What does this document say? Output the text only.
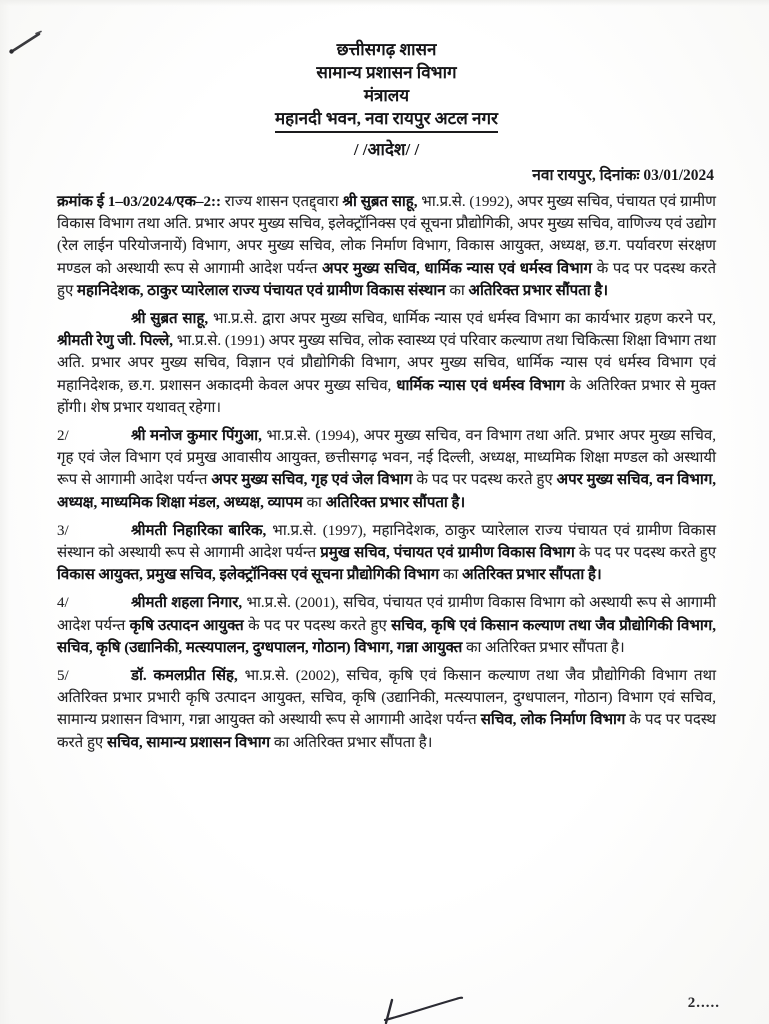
छत्तीसगढ़ शासन
सामान्य प्रशासन विभाग
मंत्रालय
महानदी भवन, नवा रायपुर अटल नगर
/ /आदेश/ /
नवा रायपुर, दिनांकः 03/01/2024

क्रमांक ई 1–03/2024/एक–2:: राज्य शासन एतद्द्वारा श्री सुब्रत साहू, भा.प्र.से. (1992), अपर मुख्य सचिव, पंचायत एवं ग्रामीण विकास विभाग तथा अति. प्रभार अपर मुख्य सचिव, इलेक्ट्रॉनिक्स एवं सूचना प्रौद्योगिकी, अपर मुख्य सचिव, वाणिज्य एवं उद्योग (रेल लाईन परियोजनायें) विभाग, अपर मुख्य सचिव, लोक निर्माण विभाग, विकास आयुक्त, अध्यक्ष, छ.ग. पर्यावरण संरक्षण मण्डल को अस्थायी रूप से आगामी आदेश पर्यन्त अपर मुख्य सचिव, धार्मिक न्यास एवं धर्मस्व विभाग के पद पर पदस्थ करते हुए महानिदेशक, ठाकुर प्यारेलाल राज्य पंचायत एवं ग्रामीण विकास संस्थान का अतिरिक्त प्रभार सौंपता है।

श्री सुब्रत साहू, भा.प्र.से. द्वारा अपर मुख्य सचिव, धार्मिक न्यास एवं धर्मस्व विभाग का कार्यभार ग्रहण करने पर, श्रीमती रेणु जी. पिल्ले, भा.प्र.से. (1991) अपर मुख्य सचिव, लोक स्वास्थ्य एवं परिवार कल्याण तथा चिकित्सा शिक्षा विभाग तथा अति. प्रभार अपर मुख्य सचिव, विज्ञान एवं प्रौद्योगिकी विभाग, अपर मुख्य सचिव, धार्मिक न्यास एवं धर्मस्व विभाग एवं महानिदेशक, छ.ग. प्रशासन अकादमी केवल अपर मुख्य सचिव, धार्मिक न्यास एवं धर्मस्व विभाग के अतिरिक्त प्रभार से मुक्त होंगी। शेष प्रभार यथावत् रहेगा।

2/	श्री मनोज कुमार पिंगुआ, भा.प्र.से. (1994), अपर मुख्य सचिव, वन विभाग तथा अति. प्रभार अपर मुख्य सचिव, गृह एवं जेल विभाग एवं प्रमुख आवासीय आयुक्त, छत्तीसगढ़ भवन, नई दिल्ली, अध्यक्ष, माध्यमिक शिक्षा मण्डल को अस्थायी रूप से आगामी आदेश पर्यन्त अपर मुख्य सचिव, गृह एवं जेल विभाग के पद पर पदस्थ करते हुए अपर मुख्य सचिव, वन विभाग, अध्यक्ष, माध्यमिक शिक्षा मंडल, अध्यक्ष, व्यापम का अतिरिक्त प्रभार सौंपता है।

3/	श्रीमती निहारिका बारिक, भा.प्र.से. (1997), महानिदेशक, ठाकुर प्यारेलाल राज्य पंचायत एवं ग्रामीण विकास संस्थान को अस्थायी रूप से आगामी आदेश पर्यन्त प्रमुख सचिव, पंचायत एवं ग्रामीण विकास विभाग के पद पर पदस्थ करते हुए विकास आयुक्त, प्रमुख सचिव, इलेक्ट्रॉनिक्स एवं सूचना प्रौद्योगिकी विभाग का अतिरिक्त प्रभार सौंपता है।

4/	श्रीमती शहला निगार, भा.प्र.से. (2001), सचिव, पंचायत एवं ग्रामीण विकास विभाग को अस्थायी रूप से आगामी आदेश पर्यन्त कृषि उत्पादन आयुक्त के पद पर पदस्थ करते हुए सचिव, कृषि एवं किसान कल्याण तथा जैव प्रौद्योगिकी विभाग, सचिव, कृषि (उद्यानिकी, मत्स्यपालन, दुग्धपालन, गोठान) विभाग, गन्ना आयुक्त का अतिरिक्त प्रभार सौंपता है।

5/	डॉ. कमलप्रीत सिंह, भा.प्र.से. (2002), सचिव, कृषि एवं किसान कल्याण तथा जैव प्रौद्योगिकी विभाग तथा अतिरिक्त प्रभार प्रभारी कृषि उत्पादन आयुक्त, सचिव, कृषि (उद्यानिकी, मत्स्यपालन, दुग्धपालन, गोठान) विभाग एवं सचिव, सामान्य प्रशासन विभाग, गन्ना आयुक्त को अस्थायी रूप से आगामी आदेश पर्यन्त सचिव, लोक निर्माण विभाग के पद पर पदस्थ करते हुए सचिव, सामान्य प्रशासन विभाग का अतिरिक्त प्रभार सौंपता है।

2.....
